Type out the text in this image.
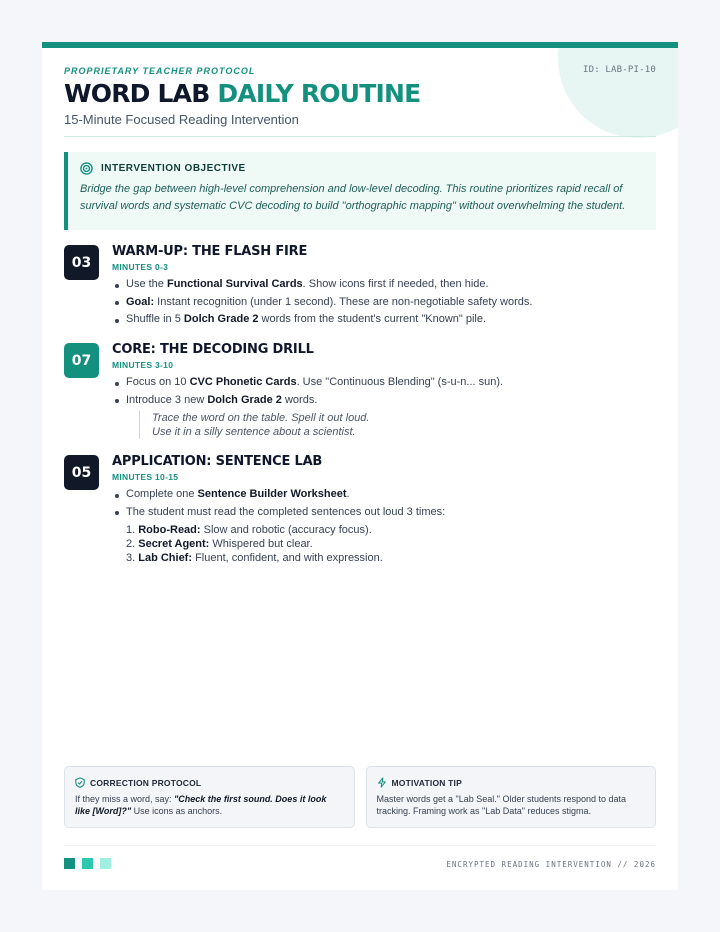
ID: LAB-PI-10
PROPRIETARY TEACHER PROTOCOL
WORD LAB DAILY ROUTINE
15-Minute Focused Reading Intervention
INTERVENTION OBJECTIVE
Bridge the gap between high-level comprehension and low-level decoding. This routine prioritizes rapid recall of survival words and systematic CVC decoding to build "orthographic mapping" without overwhelming the student.
03
WARM-UP: THE FLASH FIRE
MINUTES 0-3
Use the Functional Survival Cards. Show icons first if needed, then hide.
Goal: Instant recognition (under 1 second). These are non-negotiable safety words.
Shuffle in 5 Dolch Grade 2 words from the student's current "Known" pile.
07
CORE: THE DECODING DRILL
MINUTES 3-10
Focus on 10 CVC Phonetic Cards. Use "Continuous Blending" (s-u-n... sun).
Introduce 3 new Dolch Grade 2 words.
Trace the word on the table. Spell it out loud.
Use it in a silly sentence about a scientist.
05
APPLICATION: SENTENCE LAB
MINUTES 10-15
Complete one Sentence Builder Worksheet.
The student must read the completed sentences out loud 3 times:
1. Robo-Read: Slow and robotic (accuracy focus).
2. Secret Agent: Whispered but clear.
3. Lab Chief: Fluent, confident, and with expression.
CORRECTION PROTOCOL
If they miss a word, say: "Check the first sound. Does it look like [Word]?" Use icons as anchors.
MOTIVATION TIP
Master words get a "Lab Seal." Older students respond to data tracking. Framing work as "Lab Data" reduces stigma.
ENCRYPTED READING INTERVENTION // 2026
